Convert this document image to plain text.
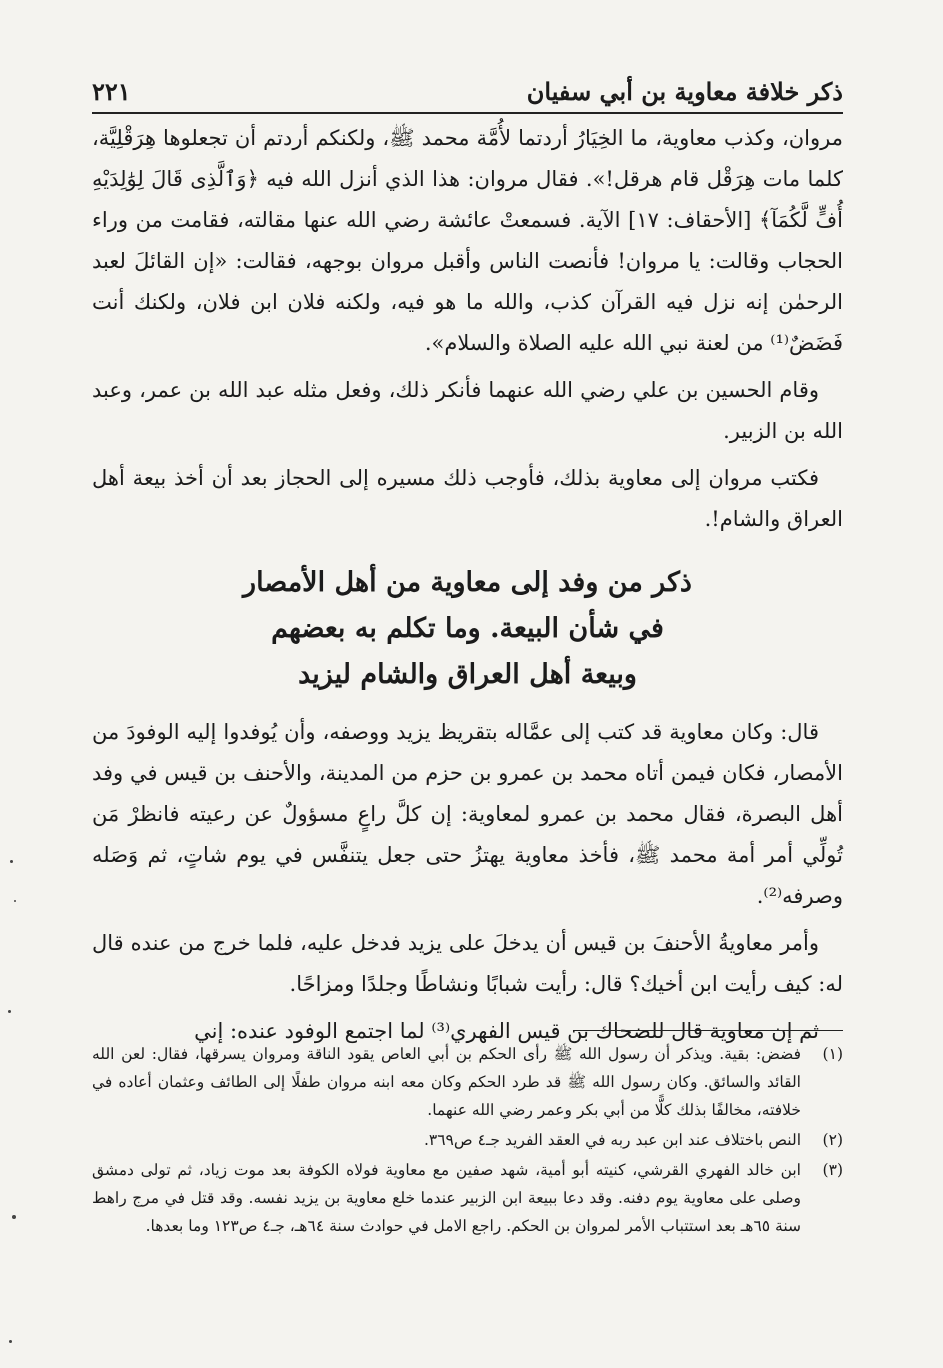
ذكر خلافة معاوية بن أبي سفيان
٢٢١

مروان، وكذب معاوية، ما الخِيَارُ أردتما لأُمَّة محمد ﷺ، ولكنكم أردتم أن تجعلوها هِرَقْلِيَّة، كلما مات هِرَقْل قام هرقل!». فقال مروان: هذا الذي أنزل الله فيه ﴿وَٱلَّذِى قَالَ لِوَٰلِدَيْهِ أُفٍّ لَّكُمَآ﴾ [الأحقاف: ١٧] الآية. فسمعتْ عائشة رضي الله عنها مقالته، فقامت من وراء الحجاب وقالت: يا مروان! فأنصت الناس وأقبل مروان بوجهه، فقالت: «إن القائلَ لعبد الرحمٰن إنه نزل فيه القرآن كذب، والله ما هو فيه، ولكنه فلان ابن فلان، ولكنك أنت فَضَضٌ⁽¹⁾ من لعنة نبي الله عليه الصلاة والسلام».

وقام الحسين بن علي رضي الله عنهما فأنكر ذلك، وفعل مثله عبد الله بن عمر، وعبد الله بن الزبير.

فكتب مروان إلى معاوية بذلك، فأوجب ذلك مسيره إلى الحجاز بعد أن أخذ بيعة أهل العراق والشام!.

ذكر من وفد إلى معاوية من أهل الأمصار
في شأن البيعة. وما تكلم به بعضهم
وبيعة أهل العراق والشام ليزيد

قال: وكان معاوية قد كتب إلى عمَّاله بتقريظ يزيد ووصفه، وأن يُوفدوا إليه الوفودَ من الأمصار، فكان فيمن أتاه محمد بن عمرو بن حزم من المدينة، والأحنف بن قيس في وفد أهل البصرة، فقال محمد بن عمرو لمعاوية: إن كلَّ راعٍ مسؤولٌ عن رعيته فانظرْ مَن تُولِّي أمر أمة محمد ﷺ، فأخذ معاوية يهتزُ حتى جعل يتنفَّس في يوم شاتٍ، ثم وَصَله وصرفه⁽²⁾.

وأمر معاويةُ الأحنفَ بن قيس أن يدخلَ على يزيد فدخل عليه، فلما خرج من عنده قال له: كيف رأيت ابن أخيك؟ قال: رأيت شبابًا ونشاطًا وجلدًا ومزاحًا.

ثم إن معاوية قال للضحاك بن قيس الفهري⁽³⁾ لما اجتمع الوفود عنده: إني

(١)
فضض: بقية. ويذكر أن رسول الله ﷺ رأى الحكم بن أبي العاص يقود الناقة ومروان يسرقها، فقال: لعن الله القائد والسائق. وكان رسول الله ﷺ قد طرد الحكم وكان معه ابنه مروان طفلًا إلى الطائف وعثمان أعاده في خلافته، مخالفًا بذلك كلًّا من أبي بكر وعمر رضي الله عنهما.
(٢)
النص باختلاف عند ابن عبد ربه في العقد الفريد جـ٤ ص٣٦٩.
(٣)
ابن خالد الفهري القرشي، كنيته أبو أمية، شهد صفين مع معاوية فولاه الكوفة بعد موت زياد، ثم تولى دمشق وصلى على معاوية يوم دفنه. وقد دعا ببيعة ابن الزبير عندما خلع معاوية بن يزيد نفسه. وقد قتل في مرج راهط سنة ٦٥هـ بعد استتباب الأمر لمروان بن الحكم. راجع الامل في حوادث سنة ٦٤هـ، جـ٤ ص١٢٣ وما بعدها.
